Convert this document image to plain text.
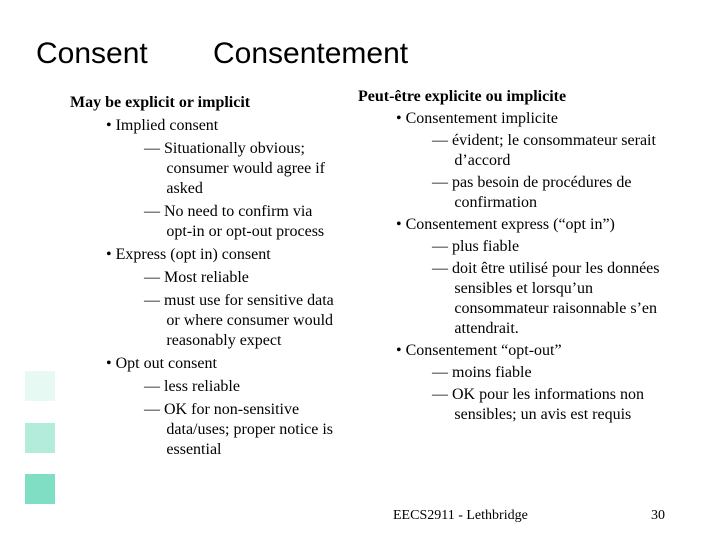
Consent Consentement
May be explicit or implicit
• Implied consent
— Situationally obvious; consumer would agree if asked
— No need to confirm via opt-in or opt-out process
• Express (opt in) consent
— Most reliable
— must use for sensitive data or where consumer would reasonably expect
• Opt out consent
— less reliable
— OK for non-sensitive data/uses; proper notice is essential
Peut-être explicite ou implicite
• Consentement implicite
— évident; le consommateur serait d’accord
— pas besoin de procédures de confirmation
• Consentement express (“opt in”)
— plus fiable
— doit être utilisé pour les données sensibles et lorsqu’un consommateur raisonnable s’en attendrait.
• Consentement “opt-out”
— moins fiable
— OK pour les informations non sensibles; un avis est requis
EECS2911 - Lethbridge	30
